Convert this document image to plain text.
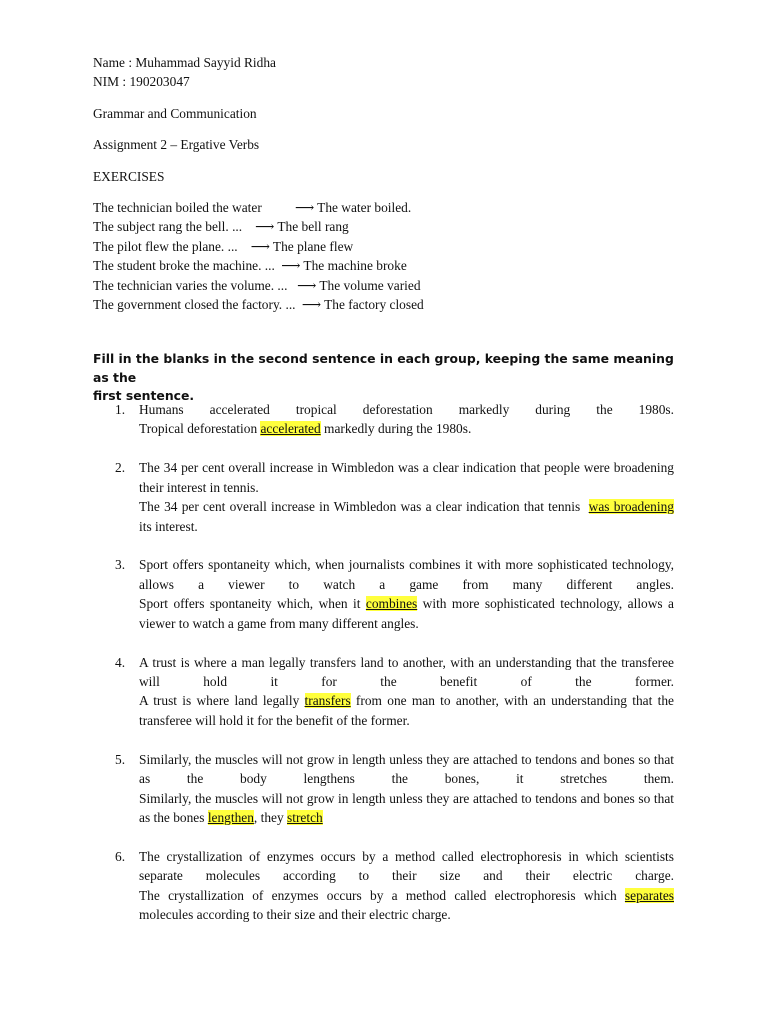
Name : Muhammad Sayyid Ridha

NIM : 190203047

Grammar and Communication

Assignment 2 – Ergative Verbs

EXERCISES

The technician boiled the water ⟶ The water boiled.
The subject rang the bell. ... ⟶ The bell rang
The pilot flew the plane. ... ⟶ The plane flew
The student broke the machine. ... ⟶ The machine broke
The technician varies the volume. ... ⟶ The volume varied
The government closed the factory. ... ⟶ The factory closed

Fill in the blanks in the second sentence in each group, keeping the same meaning as the

first sentence.

1. Humans accelerated tropical deforestation markedly during the 1980s.

Tropical deforestation accelerated markedly during the 1980s.

2. The 34 per cent overall increase in Wimbledon was a clear indication that people were broadening their interest in tennis.

The 34 per cent overall increase in Wimbledon was a clear indication that tennis  was broadening its interest.

3. Sport offers spontaneity which, when journalists combines it with more sophisticated technology, allows a viewer to watch a game from many different angles.

Sport offers spontaneity which, when it combines with more sophisticated technology, allows a viewer to watch a game from many different angles.

4. A trust is where a man legally transfers land to another, with an understanding that the transferee will hold it for the benefit of the former.

A trust is where land legally transfers from one man to another, with an understanding that the transferee will hold it for the benefit of the former.

5. Similarly, the muscles will not grow in length unless they are attached to tendons and bones so that as the body lengthens the bones, it stretches them.

Similarly, the muscles will not grow in length unless they are attached to tendons and bones so that as the bones lengthen, they stretch

6. The crystallization of enzymes occurs by a method called electrophoresis in which scientists separate molecules according to their size and their electric charge.

The crystallization of enzymes occurs by a method called electrophoresis which separates molecules according to their size and their electric charge.
